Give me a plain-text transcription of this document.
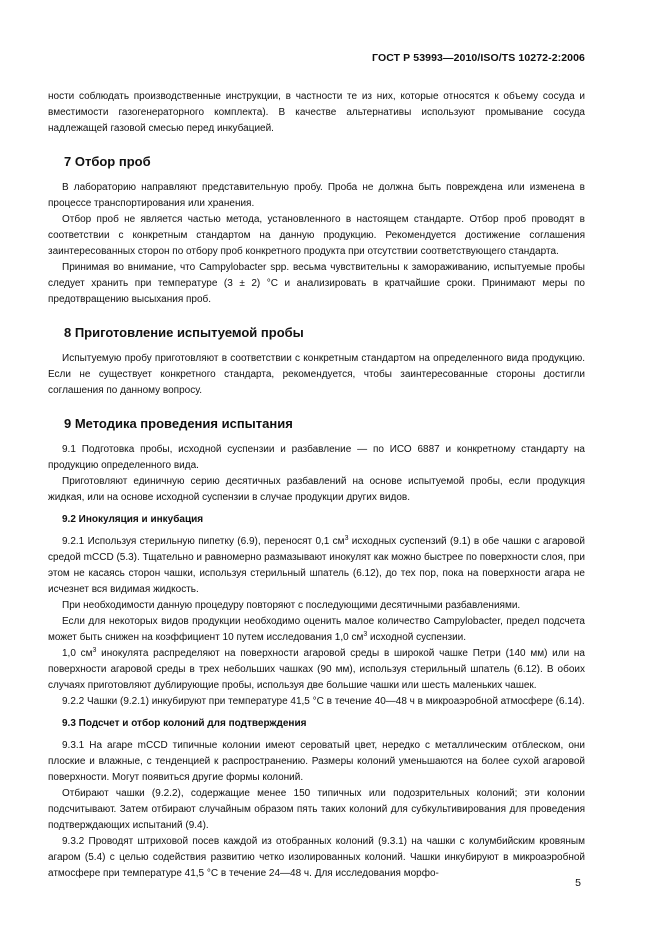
ГОСТ Р 53993—2010/ISO/TS 10272-2:2006

ности соблюдать производственные инструкции, в частности те из них, которые относятся к объему сосуда и вместимости газогенераторного комплекта). В качестве альтернативы используют промывание сосуда надлежащей газовой смесью перед инкубацией.

7 Отбор проб

В лабораторию направляют представительную пробу. Проба не должна быть повреждена или изменена в процессе транспортирования или хранения.

Отбор проб не является частью метода, установленного в настоящем стандарте. Отбор проб проводят в соответствии с конкретным стандартом на данную продукцию. Рекомендуется достижение соглашения заинтересованных сторон по отбору проб конкретного продукта при отсутствии соответствующего стандарта.

Принимая во внимание, что Campylobacter spp. весьма чувствительны к замораживанию, испытуемые пробы следует хранить при температуре (3 ± 2) °С и анализировать в кратчайшие сроки. Принимают меры по предотвращению высыхания проб.

8 Приготовление испытуемой пробы

Испытуемую пробу приготовляют в соответствии с конкретным стандартом на определенного вида продукцию. Если не существует конкретного стандарта, рекомендуется, чтобы заинтересованные стороны достигли соглашения по данному вопросу.

9 Методика проведения испытания

9.1 Подготовка пробы, исходной суспензии и разбавление — по ИСО 6887 и конкретному стандарту на продукцию определенного вида.

Приготовляют единичную серию десятичных разбавлений на основе испытуемой пробы, если продукция жидкая, или на основе исходной суспензии в случае продукции других видов.

9.2 Инокуляция и инкубация

9.2.1 Используя стерильную пипетку (6.9), переносят 0,1 $см^3$ исходных суспензий (9.1) в обе чашки с агаровой средой mCCD (5.3). Тщательно и равномерно размазывают инокулят как можно быстрее по поверхности слоя, при этом не касаясь сторон чашки, используя стерильный шпатель (6.12), до тех пор, пока на поверхности агара не исчезнет вся видимая жидкость.

При необходимости данную процедуру повторяют с последующими десятичными разбавлениями.

Если для некоторых видов продукции необходимо оценить малое количество Campylobacter, предел подсчета может быть снижен на коэффициент 10 путем исследования 1,0 $см^3$ исходной суспензии.

1,0 $см^3$ инокулята распределяют на поверхности агаровой среды в широкой чашке Петри (140 мм) или на поверхности агаровой среды в трех небольших чашках (90 мм), используя стерильный шпатель (6.12). В обоих случаях приготовляют дублирующие пробы, используя две большие чашки или шесть маленьких чашек.

9.2.2 Чашки (9.2.1) инкубируют при температуре 41,5 °С в течение 40—48 ч в микроаэробной атмосфере (6.14).

9.3 Подсчет и отбор колоний для подтверждения

9.3.1 На агаре mCCD типичные колонии имеют сероватый цвет, нередко с металлическим отблеском, они плоские и влажные, с тенденцией к распространению. Размеры колоний уменьшаются на более сухой агаровой поверхности. Могут появиться другие формы колоний.

Отбирают чашки (9.2.2), содержащие менее 150 типичных или подозрительных колоний; эти колонии подсчитывают. Затем отбирают случайным образом пять таких колоний для субкультивирования для проведения подтверждающих испытаний (9.4).

9.3.2 Проводят штриховой посев каждой из отобранных колоний (9.3.1) на чашки с колумбийским кровяным агаром (5.4) с целью содействия развитию четко изолированных колоний. Чашки инкубируют в микроаэробной атмосфере при температуре 41,5 °С в течение 24—48 ч. Для исследования морфо-

5
